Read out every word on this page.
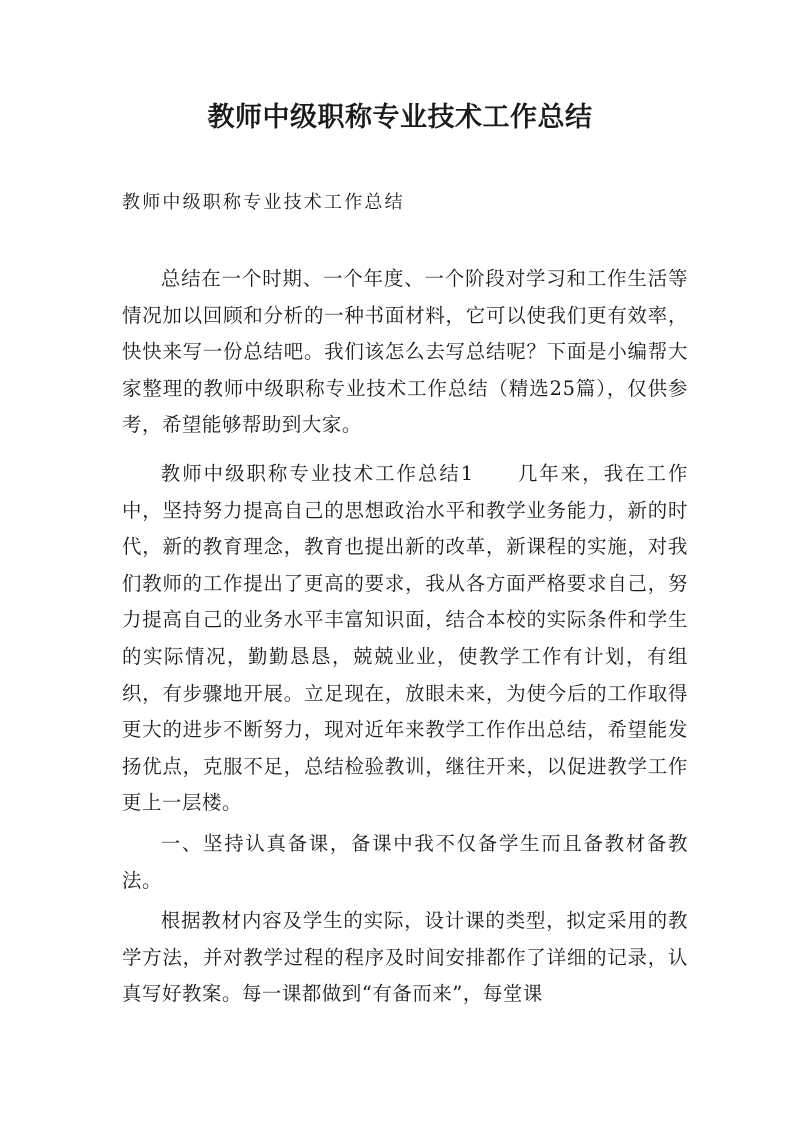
教师中级职称专业技术工作总结
教师中级职称专业技术工作总结

总结在一个时期、一个年度、一个阶段对学习和工作生活等情况加以回顾和分析的一种书面材料，它可以使我们更有效率，快快来写一份总结吧。我们该怎么去写总结呢？下面是小编帮大家整理的教师中级职称专业技术工作总结（精选25篇），仅供参考，希望能够帮助到大家。

教师中级职称专业技术工作总结1　　几年来，我在工作中，坚持努力提高自己的思想政治水平和教学业务能力，新的时代，新的教育理念，教育也提出新的改革，新课程的实施，对我们教师的工作提出了更高的要求，我从各方面严格要求自己，努力提高自己的业务水平丰富知识面，结合本校的实际条件和学生的实际情况，勤勤恳恳，兢兢业业，使教学工作有计划，有组织，有步骤地开展。立足现在，放眼未来，为使今后的工作取得更大的进步不断努力，现对近年来教学工作作出总结，希望能发扬优点，克服不足，总结检验教训，继往开来，以促进教学工作更上一层楼。

一、坚持认真备课，备课中我不仅备学生而且备教材备教法。

根据教材内容及学生的实际，设计课的类型，拟定采用的教学方法，并对教学过程的程序及时间安排都作了详细的记录，认真写好教案。每一课都做到“有备而来”，每堂课
